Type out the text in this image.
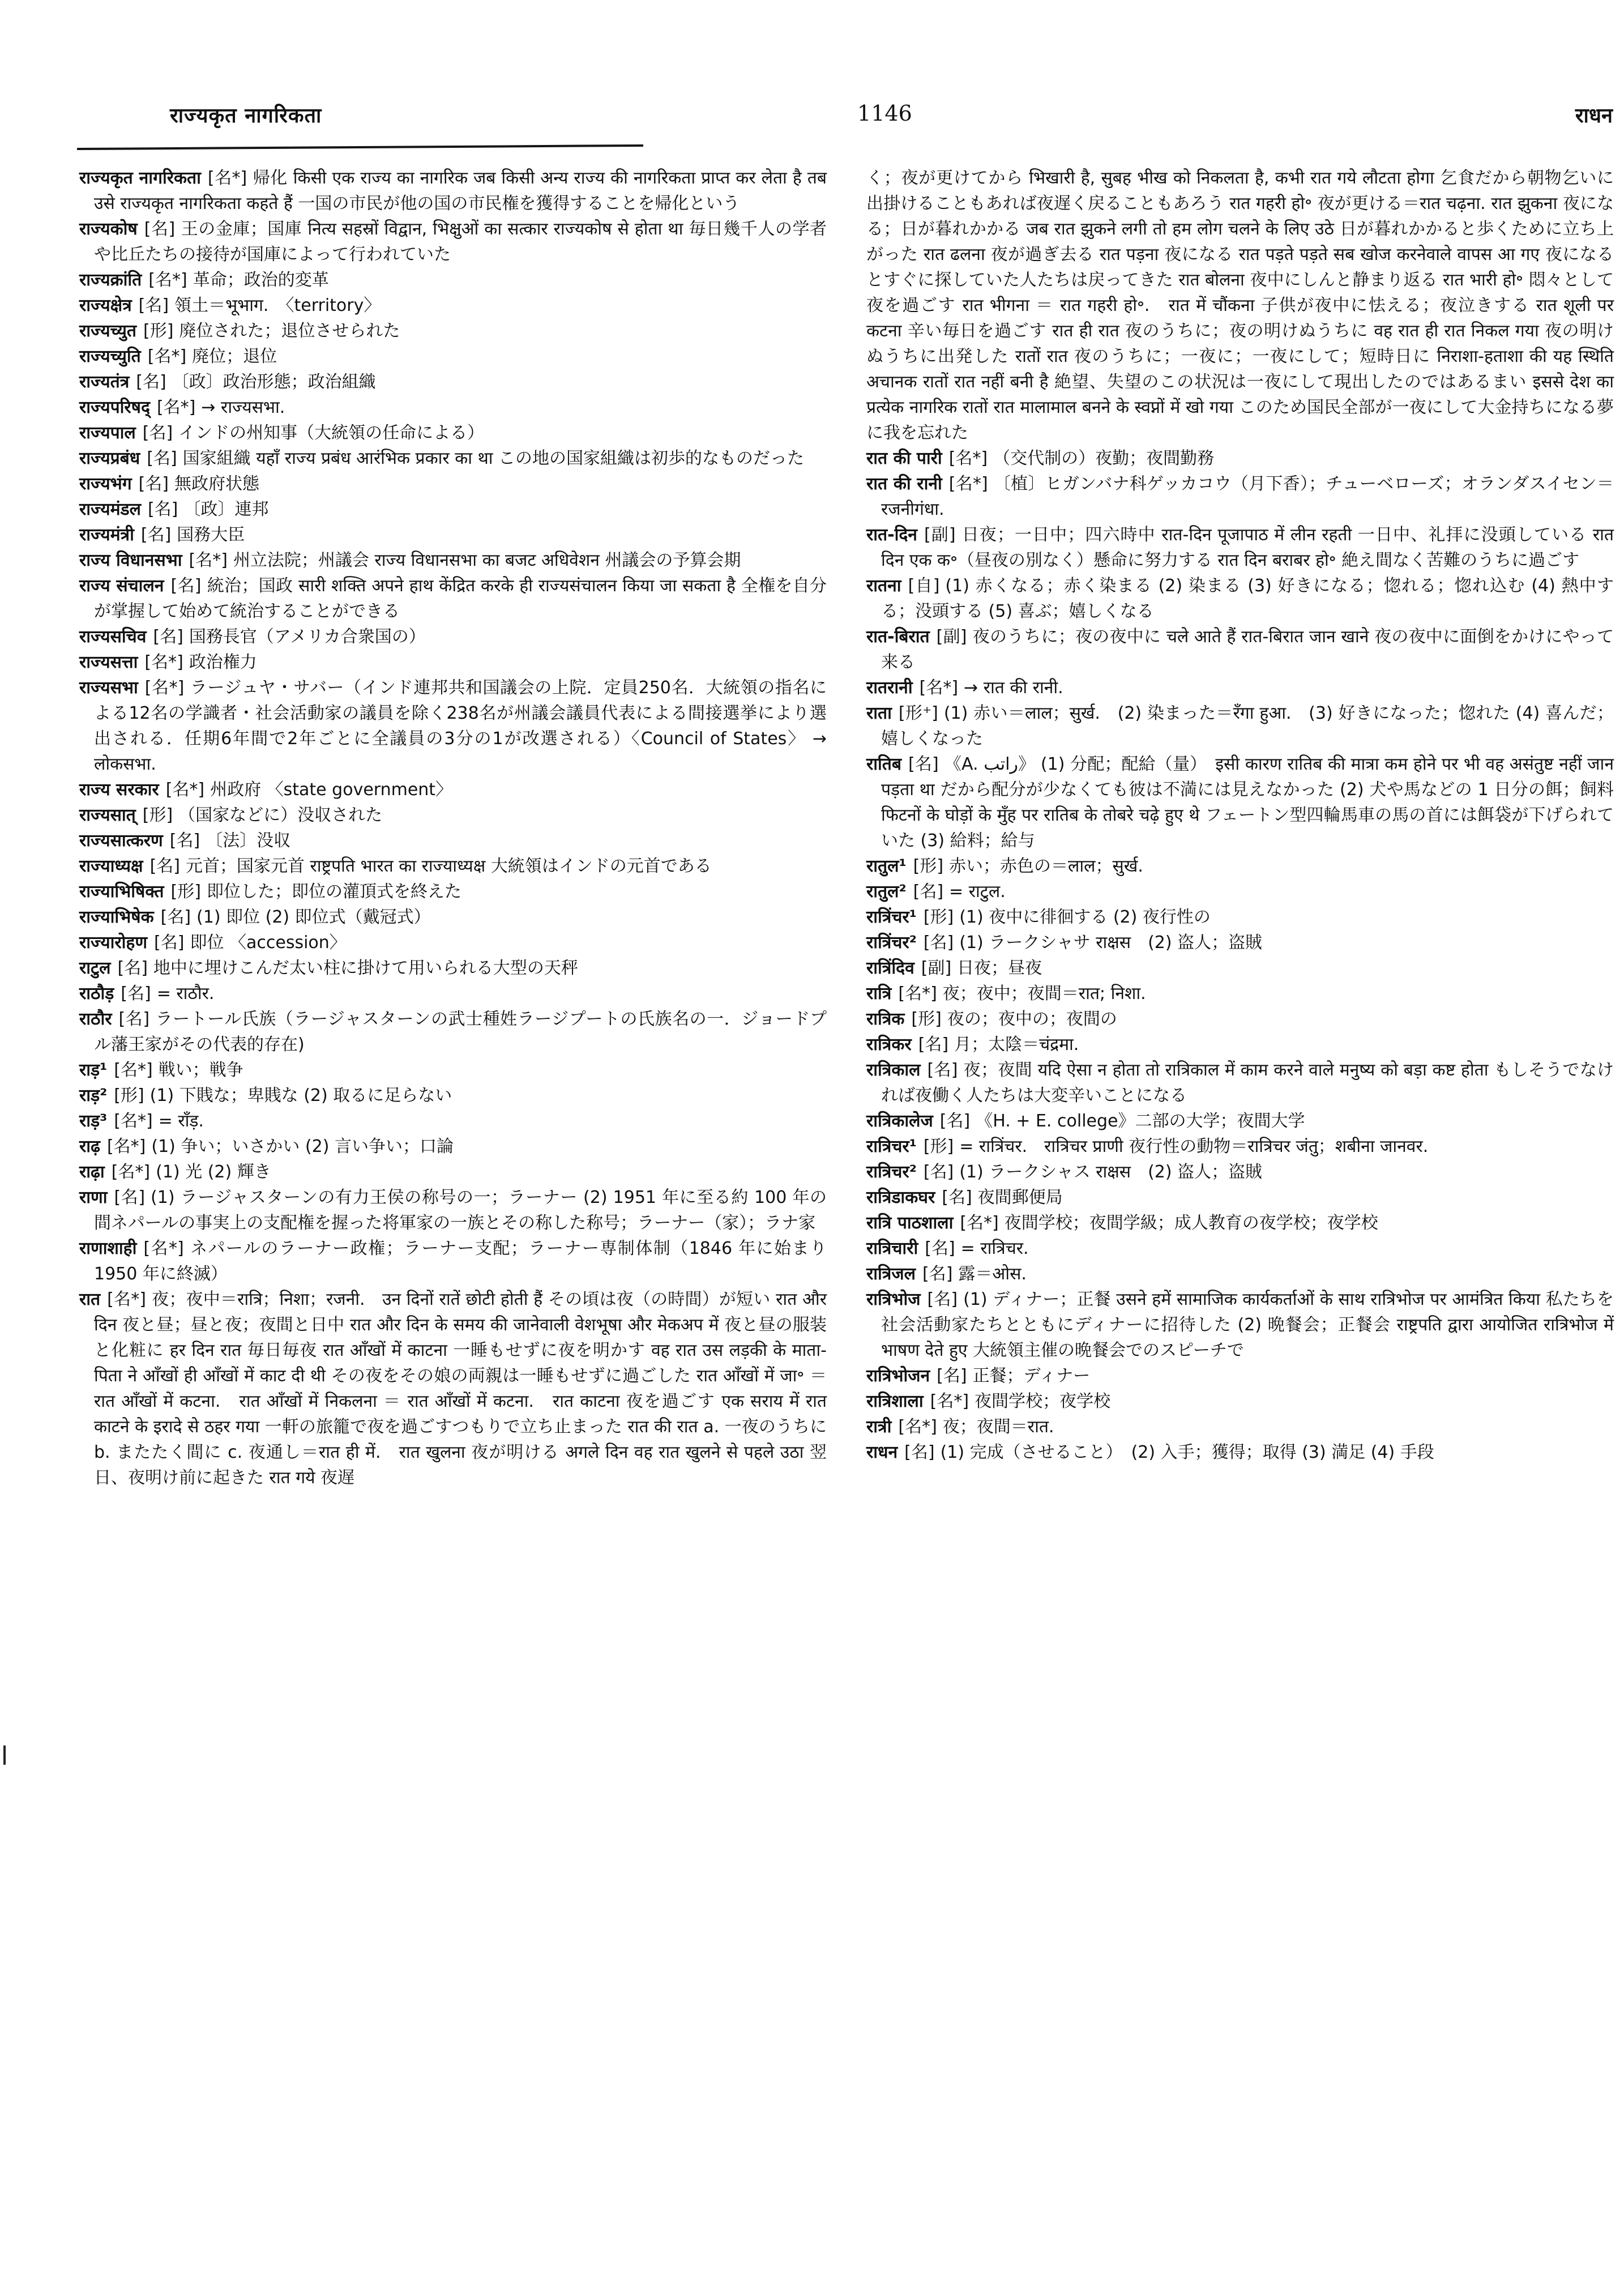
राज्यकृत नागरिकता	1146	राधन

राज्यकृत नागरिकता [名*] 帰化 किसी एक राज्य का नागरिक जब किसी अन्य राज्य की नागरिकता प्राप्त कर लेता है तब उसे राज्यकृत नागरिकता कहते हैं 一国の市民が他の国の市民権を獲得することを帰化という

राज्यकोष [名] 王の金庫；国庫 नित्य सहस्रों विद्वान, भिक्षुओं का सत्कार राज्यकोष से होता था 毎日幾千人の学者や比丘たちの接待が国庫によって行われていた

राज्यक्रांति [名*] 革命；政治的変革

राज्यक्षेत्र [名] 領土＝भूभाग.　〈territory〉

राज्यच्युत [形] 廃位された；退位させられた

राज्यच्युति [名*] 廃位；退位

राज्यतंत्र [名] 〔政〕政治形態；政治組織

राज्यपरिषद् [名*] → राज्यसभा.

राज्यपाल [名] インドの州知事（大統領の任命による）

राज्यप्रबंध [名] 国家組織 यहाँ राज्य प्रबंध आरंभिक प्रकार का था この地の国家組織は初歩的なものだった

राज्यभंग [名] 無政府状態

राज्यमंडल [名] 〔政〕連邦

राज्यमंत्री [名] 国務大臣

राज्य विधानसभा [名*] 州立法院；州議会 राज्य विधानसभा का बजट अधिवेशन 州議会の予算会期

राज्य संचालन [名] 統治；国政 सारी शक्ति अपने हाथ केंद्रित करके ही राज्यसंचालन किया जा सकता है 全権を自分が掌握して始めて統治することができる

राज्यसचिव [名] 国務長官（アメリカ合衆国の）

राज्यसत्ता [名*] 政治権力

राज्यसभा [名*] ラージュヤ・サバー（インド連邦共和国議会の上院．定員250名．大統領の指名による12名の学識者・社会活動家の議員を除く238名が州議会議員代表による間接選挙により選出される．任期6年間で2年ごとに全議員の3分の1が改選される）〈Council of States〉 → लोकसभा.

राज्य सरकार [名*] 州政府 〈state government〉

राज्यसात् [形] （国家などに）没収された

राज्यसात्करण [名] 〔法〕没収

राज्याध्यक्ष [名] 元首；国家元首 राष्ट्रपति भारत का राज्याध्यक्ष 大統領はインドの元首である

राज्याभिषिक्त [形] 即位した；即位の灌頂式を終えた

राज्याभिषेक [名] (1) 即位 (2) 即位式（戴冠式）

राज्यारोहण [名] 即位 〈accession〉

राटुल [名] 地中に埋けこんだ太い柱に掛けて用いられる大型の天秤

राठौड़ [名] = राठौर.

राठौर [名] ラートール氏族（ラージャスターンの武士種姓ラージプートの氏族名の一．ジョードプル藩王家がその代表的存在)

राड़¹ [名*] 戦い；戦争

राड़² [形] (1) 下賎な；卑賎な (2) 取るに足らない

राड़³ [名*] = राँड़.

राढ़ [名*] (1) 争い；いさかい (2) 言い争い；口論

राढ़ा [名*] (1) 光 (2) 輝き

राणा [名] (1) ラージャスターンの有力王侯の称号の一；ラーナー (2) 1951 年に至る約 100 年の間ネパールの事実上の支配権を握った将軍家の一族とその称した称号；ラーナー（家）；ラナ家

राणाशाही [名*] ネパールのラーナー政権；ラーナー支配；ラーナー専制体制（1846 年に始まり 1950 年に終滅）

रात [名*] 夜；夜中＝रात्रि；निशा；रजनी.　उन दिनों रातें छोटी होती हैं その頃は夜（の時間）が短い रात और दिन 夜と昼；昼と夜；夜間と日中 रात और दिन के समय की जानेवाली वेशभूषा और मेकअप में 夜と昼の服装と化粧に हर दिन रात 毎日毎夜 रात आँखों में काटना 一睡もせずに夜を明かす वह रात उस लड़की के माता-पिता ने आँखों ही आँखों में काट दी थी その夜をその娘の両親は一睡もせずに過ごした रात आँखों में जा॰ ＝ रात आँखों में कटना.　रात आँखों में निकलना ＝ रात आँखों में कटना.　रात काटना 夜を過ごす एक सराय में रात काटने के इरादे से ठहर गया 一軒の旅籠で夜を過ごすつもりで立ち止まった रात की रात a. 一夜のうちに b. またたく間に c. 夜通し＝रात ही में.　रात खुलना 夜が明ける अगले दिन वह रात खुलने से पहले उठा 翌日、夜明け前に起きた रात गये 夜遅

く；夜が更けてから भिखारी है, सुबह भीख को निकलता है, कभी रात गये लौटता होगा 乞食だから朝物乞いに出掛けることもあれば夜遅く戻ることもあろう रात गहरी हो॰ 夜が更ける＝रात चढ़ना. रात झुकना 夜になる；日が暮れかかる जब रात झुकने लगी तो हम लोग चलने के लिए उठे 日が暮れかかると歩くために立ち上がった रात ढलना 夜が過ぎ去る रात पड़ना 夜になる रात पड़ते पड़ते सब खोज करनेवाले वापस आ गए 夜になるとすぐに探していた人たちは戻ってきた रात बोलना 夜中にしんと静まり返る रात भारी हो॰ 悶々として夜を過ごす रात भीगना ＝ रात गहरी हो॰.　रात में चौंकना 子供が夜中に怯える；夜泣きする रात शूली पर कटना 辛い毎日を過ごす रात ही रात 夜のうちに；夜の明けぬうちに वह रात ही रात निकल गया 夜の明けぬうちに出発した रातों रात 夜のうちに；一夜に；一夜にして；短時日に निराशा-हताशा की यह स्थिति अचानक रातों रात नहीं बनी है 絶望、失望のこの状況は一夜にして現出したのではあるまい इससे देश का प्रत्येक नागरिक रातों रात मालामाल बनने के स्वप्नों में खो गया このため国民全部が一夜にして大金持ちになる夢に我を忘れた

रात की पारी [名*] （交代制の）夜勤；夜間勤務

रात की रानी [名*] 〔植〕ヒガンバナ科ゲッカコウ（月下香）；チューベローズ；オランダスイセン＝रजनीगंधा.

रात-दिन [副] 日夜；一日中；四六時中 रात-दिन पूजापाठ में लीन रहती 一日中、礼拝に没頭している रात दिन एक क॰（昼夜の別なく）懸命に努力する रात दिन बराबर हो॰ 絶え間なく苦難のうちに過ごす

रातना [自] (1) 赤くなる；赤く染まる (2) 染まる (3) 好きになる；惚れる；惚れ込む (4) 熱中する；没頭する (5) 喜ぶ；嬉しくなる

रात-बिरात [副] 夜のうちに；夜の夜中に चले आते हैं रात-बिरात जान खाने 夜の夜中に面倒をかけにやって来る

रातरानी [名*] → रात की रानी.

राता [形⁺] (1) 赤い＝लाल；सुर्ख.　(2) 染まった＝रँगा हुआ.　(3) 好きになった；惚れた (4) 喜んだ；嬉しくなった

रातिब [名] 《A. راتب》 (1) 分配；配給（量）　इसी कारण रातिब की मात्रा कम होने पर भी वह असंतुष्ट नहीं जान पड़ता था だから配分が少なくても彼は不満には見えなかった (2) 犬や馬などの 1 日分の餌；飼料 फिटनों के घोड़ों के मुँह पर रातिब के तोबरे चढ़े हुए थे フェートン型四輪馬車の馬の首には餌袋が下げられていた (3) 給料；給与

रातुल¹ [形] 赤い；赤色の＝लाल；सुर्ख.

रातुल² [名] = राटुल.

रात्रिंचर¹ [形] (1) 夜中に徘徊する (2) 夜行性の

रात्रिंचर² [名] (1) ラークシャサ राक्षस　(2) 盗人；盗賊

रात्रिंदिव [副] 日夜；昼夜

रात्रि [名*] 夜；夜中；夜間＝रात; निशा.

रात्रिक [形] 夜の；夜中の；夜間の

रात्रिकर [名] 月；太陰＝चंद्रमा.

रात्रिकाल [名] 夜；夜間 यदि ऐसा न होता तो रात्रिकाल में काम करने वाले मनुष्य को बड़ा कष्ट होता もしそうでなければ夜働く人たちは大変辛いことになる

रात्रिकालेज [名] 《H. + E. college》二部の大学；夜間大学

रात्रिचर¹ [形] = रात्रिंचर.　रात्रिचर प्राणी 夜行性の動物＝रात्रिचर जंतु；शबीना जानवर.

रात्रिचर² [名] (1) ラークシャス राक्षस　(2) 盗人；盗賊

रात्रिडाकघर [名] 夜間郵便局

रात्रि पाठशाला [名*] 夜間学校；夜間学級；成人教育の夜学校；夜学校

रात्रिचारी [名] = रात्रिचर.

रात्रिजल [名] 露＝ओस.

रात्रिभोज [名] (1) ディナー；正餐 उसने हमें सामाजिक कार्यकर्ताओं के साथ रात्रिभोज पर आमंत्रित किया 私たちを社会活動家たちとともにディナーに招待した (2) 晩餐会；正餐会 राष्ट्रपति द्वारा आयोजित रात्रिभोज में भाषण देते हुए 大統領主催の晩餐会でのスピーチで

रात्रिभोजन [名] 正餐；ディナー

रात्रिशाला [名*] 夜間学校；夜学校

रात्री [名*] 夜；夜間＝रात.

राधन [名] (1) 完成（させること）　(2) 入手；獲得；取得 (3) 満足 (4) 手段
